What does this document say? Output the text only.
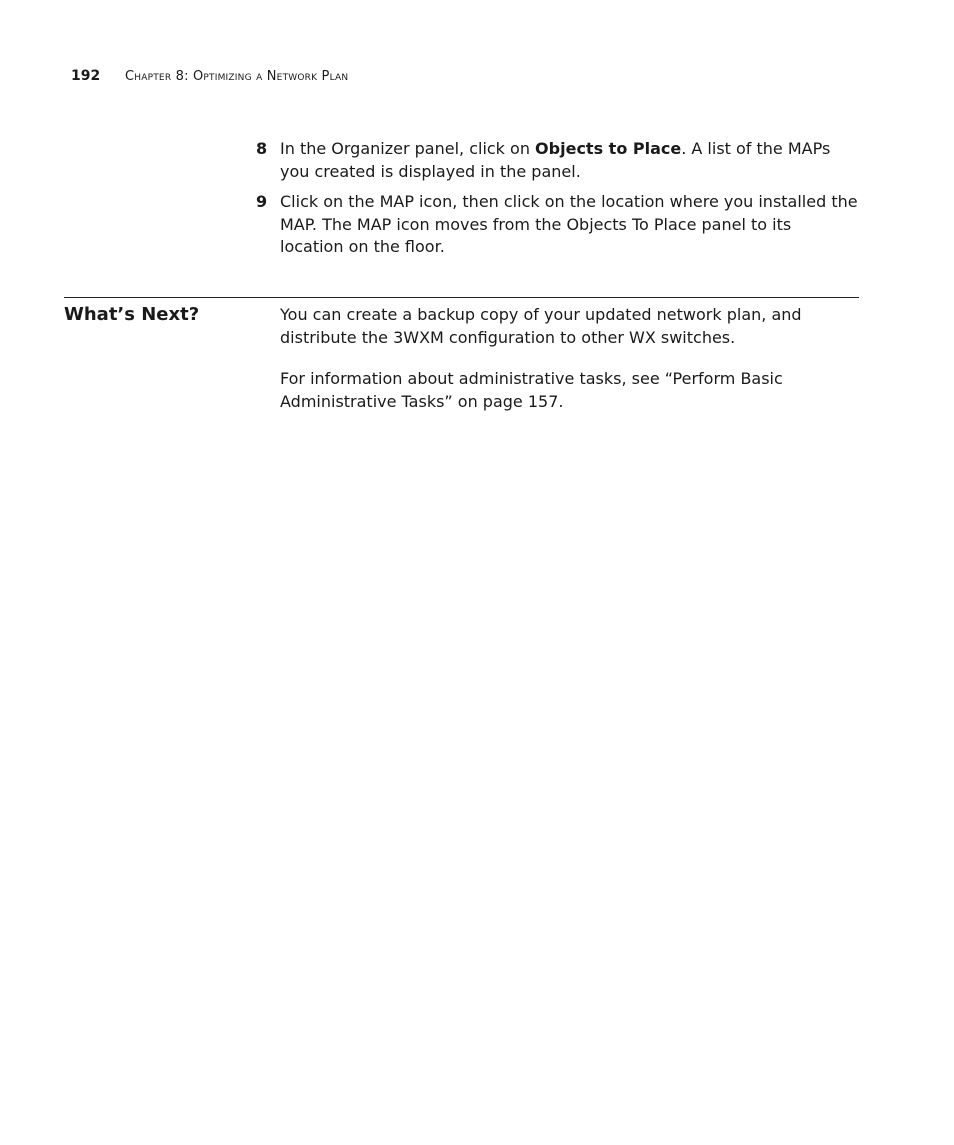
192 Chapter 8: Optimizing a Network Plan
8 In the Organizer panel, click on Objects to Place. A list of the MAPs you created is displayed in the panel.
9 Click on the MAP icon, then click on the location where you installed the MAP. The MAP icon moves from the Objects To Place panel to its location on the floor.
What’s Next?	You can create a backup copy of your updated network plan, and distribute the 3WXM configuration to other WX switches.

For information about administrative tasks, see “Perform Basic Administrative Tasks” on page 157.
